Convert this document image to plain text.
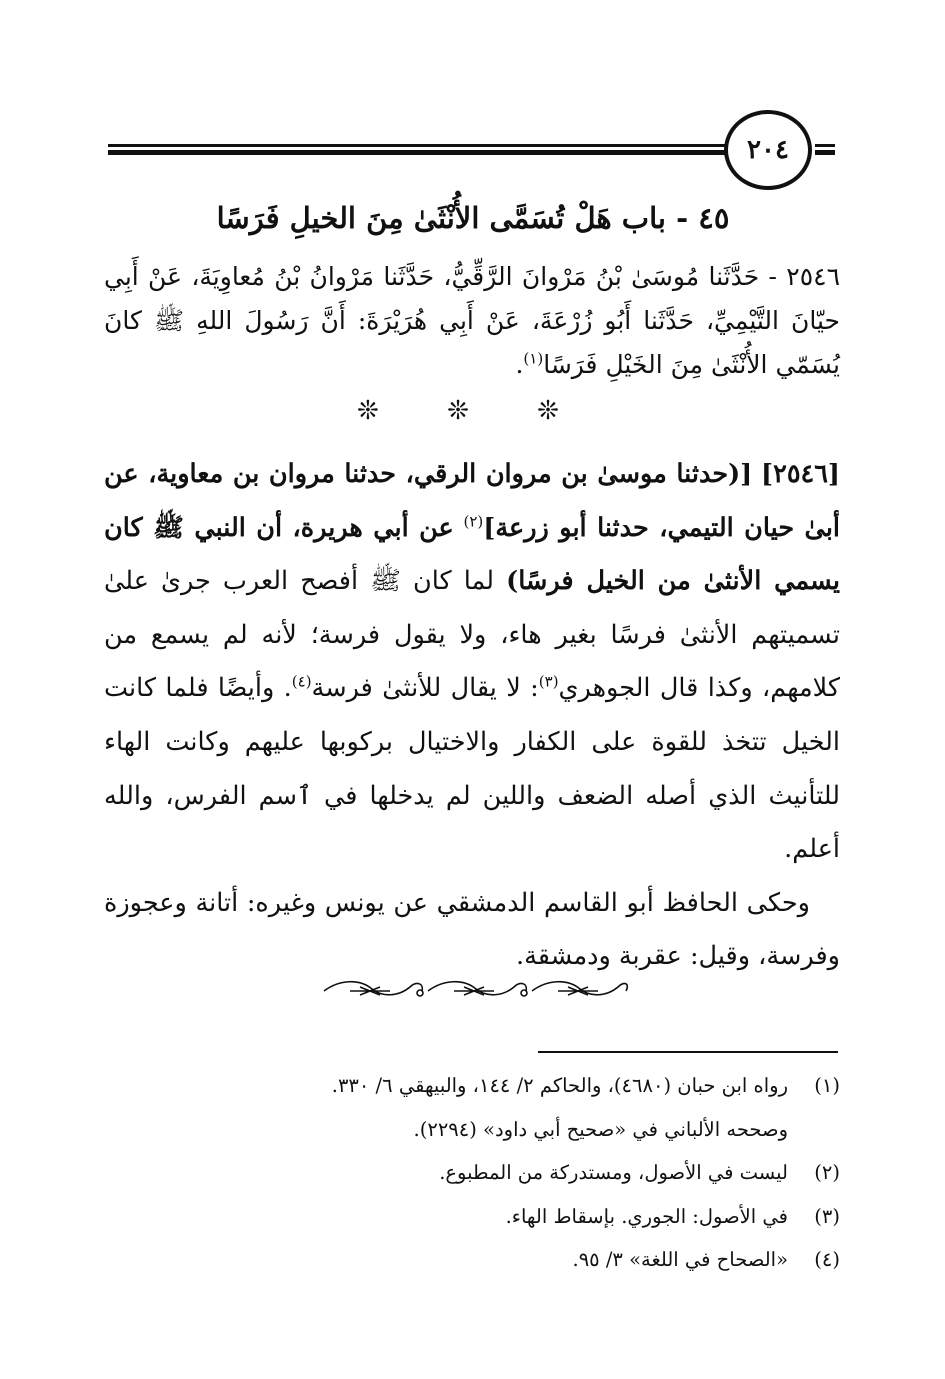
٢٠٤
٤٥ - باب هَلْ تُسَمَّى الأُنْثَىٰ مِنَ الخيلِ فَرَسًا
٢٥٤٦ - حَدَّثَنا مُوسَىٰ بْنُ مَرْوانَ الرَّقِّيُّ، حَدَّثَنا مَرْوانُ بْنُ مُعاوِيَةَ، عَنْ أَبِي حيّانَ التَّيْمِيِّ، حَدَّثَنا أَبُو زُرْعَةَ، عَنْ أَبِي هُرَيْرَةَ: أَنَّ رَسُولَ اللهِ ﷺ كانَ يُسَمّي الأُنْثَىٰ مِنَ الخَيْلِ فَرَسًا$^{(١)}$.
❊ ❊ ❊

[٢٥٤٦] [(حدثنا موسىٰ بن مروان الرقي، حدثنا مروان بن معاوية، عن أبىٰ حيان التيمي، حدثنا أبو زرعة]$^{(٢)}$ عن أبي هريرة، أن النبي ﷺ كان يسمي الأنثىٰ من الخيل فرسًا) لما كان ﷺ أفصح العرب جرىٰ علىٰ تسميتهم الأنثىٰ فرسًا بغير هاء، ولا يقول فرسة؛ لأنه لم يسمع من كلامهم، وكذا قال الجوهري$^{(٣)}$: لا يقال للأنثىٰ فرسة$^{(٤)}$. وأيضًا فلما كانت الخيل تتخذ للقوة على الكفار والاختيال بركوبها عليهم وكانت الهاء للتأنيث الذي أصله الضعف واللين لم يدخلها في ٱسم الفرس، والله أعلم.

وحكى الحافظ أبو القاسم الدمشقي عن يونس وغيره: أتانة وعجوزة وفرسة، وقيل: عقربة ودمشقة.

(١)
رواه ابن حبان (٤٦٨٠)، والحاكم ٢/ ١٤٤، والبيهقي ٦/ ٣٣٠.
وصححه الألباني في «صحيح أبي داود» (٢٢٩٤).
(٢)
ليست في الأصول، ومستدركة من المطبوع.
(٣)
في الأصول: الجوري. بإسقاط الهاء.
(٤)
«الصحاح في اللغة» ٣/ ٩٥.
